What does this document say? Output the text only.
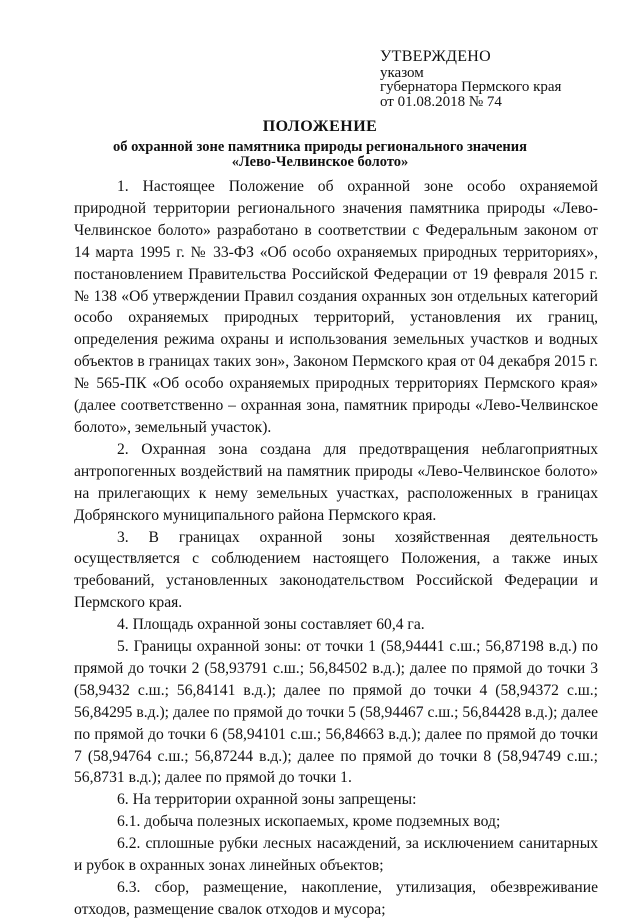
УТВЕРЖДЕНО
указом
губернатора Пермского края
от 01.08.2018 № 74
ПОЛОЖЕНИЕ
об охранной зоне памятника природы регионального значения
«Лево-Челвинское болото»

1. Настоящее Положение об охранной зоне особо охраняемой природной территории регионального значения памятника природы «Лево-Челвинское болото» разработано в соответствии с Федеральным законом от 14 марта 1995 г. № 33-ФЗ «Об особо охраняемых природных территориях», постановлением Правительства Российской Федерации от 19 февраля 2015 г. № 138 «Об утверждении Правил создания охранных зон отдельных категорий особо охраняемых природных территорий, установления их границ, определения режима охраны и использования земельных участков и водных объектов в границах таких зон», Законом Пермского края от 04 декабря 2015 г. № 565-ПК «Об особо охраняемых природных территориях Пермского края» (далее соответственно – охранная зона, памятник природы «Лево-Челвинское болото», земельный участок).

2. Охранная зона создана для предотвращения неблагоприятных антропогенных воздействий на памятник природы «Лево-Челвинское болото» на прилегающих к нему земельных участках, расположенных в границах Добрянского муниципального района Пермского края.

3. В границах охранной зоны хозяйственная деятельность осуществляется с соблюдением настоящего Положения, а также иных требований, установленных законодательством Российской Федерации и Пермского края.

4. Площадь охранной зоны составляет 60,4 га.

5. Границы охранной зоны: от точки 1 (58,94441 с.ш.; 56,87198 в.д.) по прямой до точки 2 (58,93791 с.ш.; 56,84502 в.д.); далее по прямой до точки 3 (58,9432 с.ш.; 56,84141 в.д.); далее по прямой до точки 4 (58,94372 с.ш.; 56,84295 в.д.); далее по прямой до точки 5 (58,94467 с.ш.; 56,84428 в.д.); далее по прямой до точки 6 (58,94101 с.ш.; 56,84663 в.д.); далее по прямой до точки 7 (58,94764 с.ш.; 56,87244 в.д.); далее по прямой до точки 8 (58,94749 с.ш.; 56,8731 в.д.); далее по прямой до точки 1.

6. На территории охранной зоны запрещены:

6.1. добыча полезных ископаемых, кроме подземных вод;

6.2. сплошные рубки лесных насаждений, за исключением санитарных и рубок в охранных зонах линейных объектов;

6.3. сбор, размещение, накопление, утилизация, обезвреживание отходов, размещение свалок отходов и мусора;
